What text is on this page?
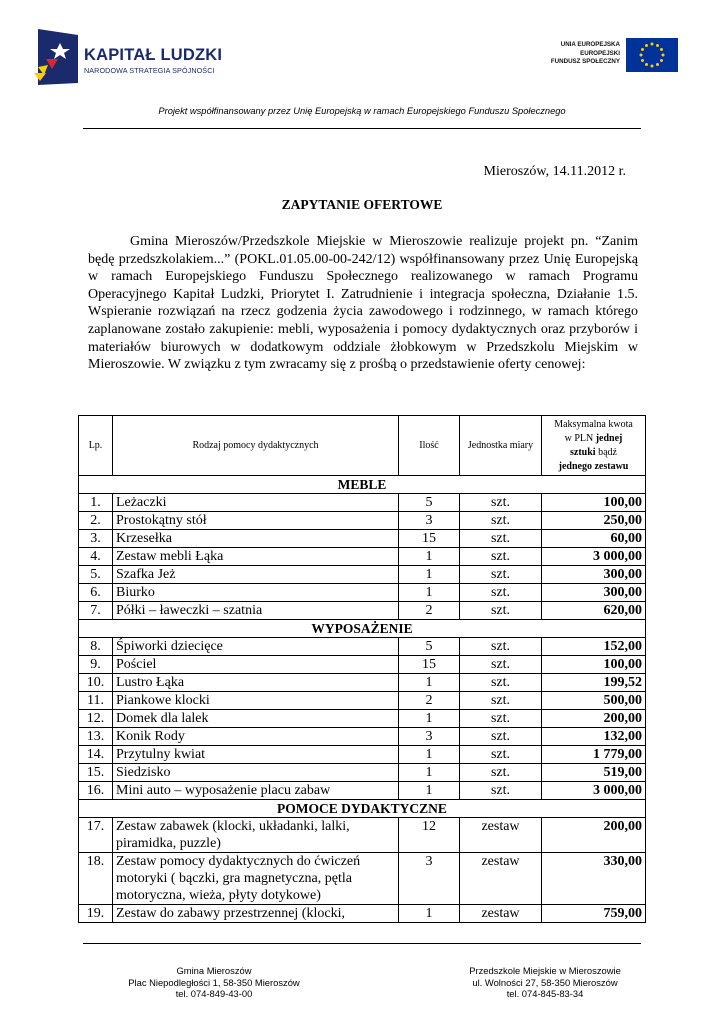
KAPITAŁ LUDZKI
NARODOWA STRATEGIA SPÓJNOŚCI
UNIA EUROPEJSKA
EUROPEJSKI
FUNDUSZ SPOŁECZNY
Projekt współfinansowany przez Unię Europejską w ramach Europejskiego Funduszu Społecznego
Mieroszów, 14.11.2012 r.
ZAPYTANIE OFERTOWE

Gmina Mieroszów/Przedszkole Miejskie w Mieroszowie realizuje projekt pn. “Zanim będę przedszkolakiem...” (POKL.01.05.00-00-242/12) współfinansowany przez Unię Europejską w ramach Europejskiego Funduszu Społecznego realizowanego w ramach Programu Operacyjnego Kapitał Ludzki, Priorytet I. Zatrudnienie i integracja społeczna, Działanie 1.5. Wspieranie rozwiązań na rzecz godzenia życia zawodowego i rodzinnego, w ramach którego zaplanowane zostało zakupienie: mebli, wyposażenia i pomocy dydaktycznych oraz przyborów i materiałów biurowych w dodatkowym oddziale żłobkowym w Przedszkolu Miejskim w Mieroszowie. W związku z tym zwracamy się z prośbą o przedstawienie oferty cenowej:

Lp.	Rodzaj pomocy dydaktycznych	Ilość	Jednostka miary	Maksymalna kwota
w PLN jednej
sztuki bądź
jednego zestawu
MEBLE				
1.	Leżaczki	5	szt.	100,00
2.	Prostokątny stół	3	szt.	250,00
3.	Krzesełka	15	szt.	60,00
4.	Zestaw mebli Łąka	1	szt.	3 000,00
5.	Szafka Jeż	1	szt.	300,00
6.	Biurko	1	szt.	300,00
7.	Półki – ławeczki – szatnia	2	szt.	620,00
WYPOSAŻENIE				
8.	Śpiworki dziecięce	5	szt.	152,00
9.	Pościel	15	szt.	100,00
10.	Lustro Łąka	1	szt.	199,52
11.	Piankowe klocki	2	szt.	500,00
12.	Domek dla lalek	1	szt.	200,00
13.	Konik Rody	3	szt.	132,00
14.	Przytulny kwiat	1	szt.	1 779,00
15.	Siedzisko	1	szt.	519,00
16.	Mini auto – wyposażenie placu zabaw	1	szt.	3 000,00
POMOCE DYDAKTYCZNE				
17.	Zestaw zabawek (klocki, układanki, lalki, piramidka, puzzle)	12	zestaw	200,00
18.	Zestaw pomocy dydaktycznych do ćwiczeń motoryki ( bączki, gra magnetyczna, pętla motoryczna, wieża, płyty dotykowe)	3	zestaw	330,00
19.	Zestaw do zabawy przestrzennej (klocki,	1	zestaw	759,00
Gmina Mieroszów
Plac Niepodległości 1, 58-350 Mieroszów
tel. 074-849-43-00
Przedszkole Miejskie w Mieroszowie
ul. Wolności 27, 58-350 Mieroszów
tel. 074-845-83-34
